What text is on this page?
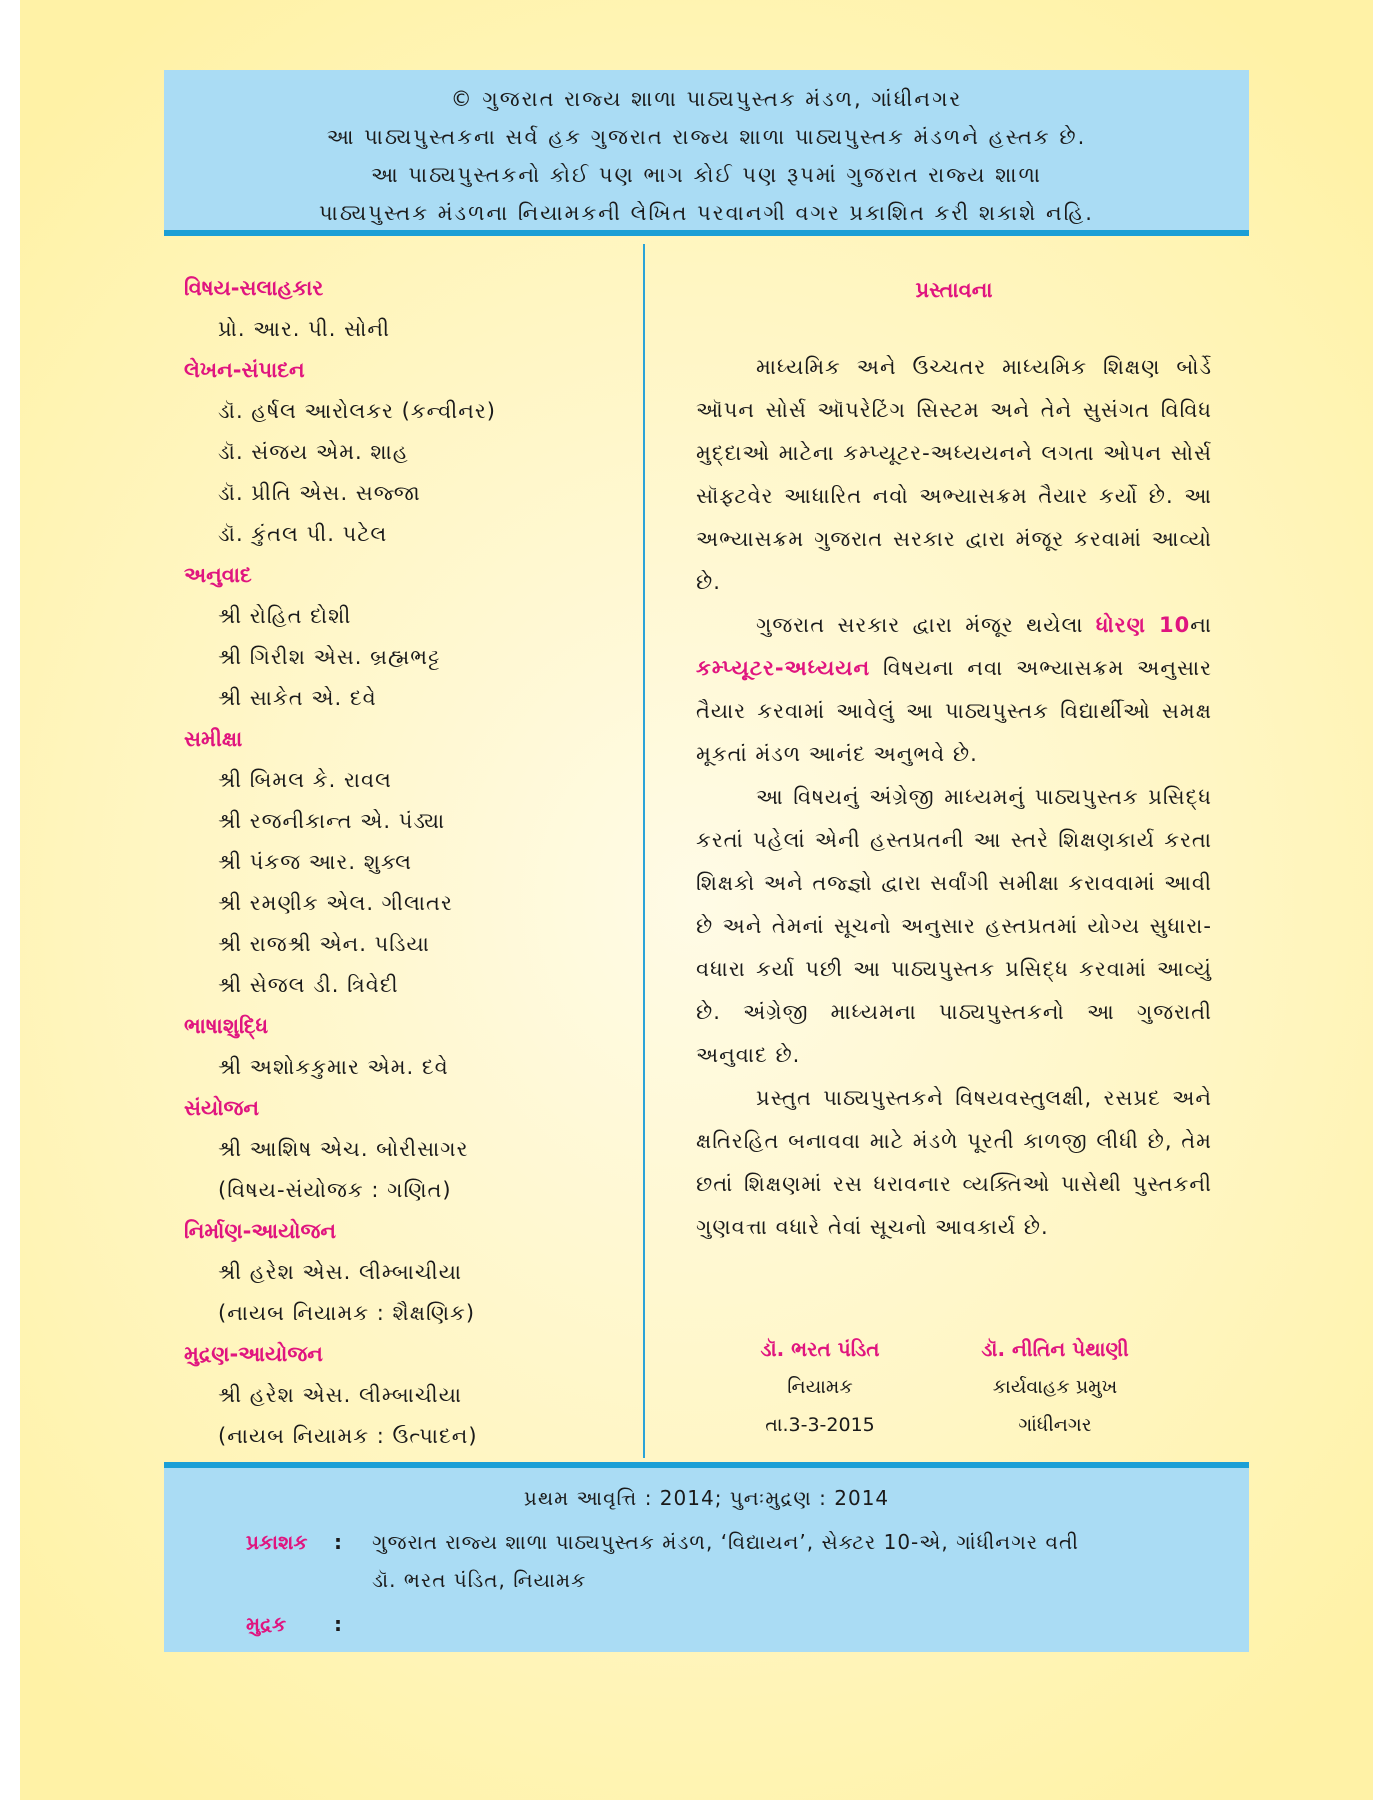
© ગુજરાત રાજ્ય શાળા પાઠ્યપુસ્તક મંડળ, ગાંધીનગર
આ પાઠ્યપુસ્તકના સર્વ હક ગુજરાત રાજ્ય શાળા પાઠ્યપુસ્તક મંડળને હસ્તક છે.
આ પાઠ્યપુસ્તકનો કોઈ પણ ભાગ કોઈ પણ રૂપમાં ગુજરાત રાજ્ય શાળા
પાઠ્યપુસ્તક મંડળના નિયામકની લેખિત પરવાનગી વગર પ્રકાશિત કરી શકાશે નહિ.
વિષય-સલાહકાર
પ્રો. આર. પી. સોની
લેખન-સંપાદન
ડૉ. હર્ષલ આરોલકર (કન્વીનર)
ડૉ. સંજય એમ. શાહ
ડૉ. પ્રીતિ એસ. સજ્જા
ડૉ. કુંતલ પી. પટેલ
અનુવાદ
શ્રી રોહિત દોશી
શ્રી ગિરીશ એસ. બ્રહ્મભટ્ટ
શ્રી સાકેત એ. દવે
સમીક્ષા
શ્રી બિમલ કે. રાવલ
શ્રી રજનીકાન્ત એ. પંડ્યા
શ્રી પંકજ આર. શુક્લ
શ્રી રમણીક એલ. ગીલાતર
શ્રી રાજશ્રી એન. પડિયા
શ્રી સેજલ ડી. ત્રિવેદી
ભાષાશુદ્ધિ
શ્રી અશોકકુમાર એમ. દવે
સંયોજન
શ્રી આશિષ એચ. બોરીસાગર
(વિષય-સંયોજક : ગણિત)
નિર્માણ-આયોજન
શ્રી હરેશ એસ. લીમ્બાચીયા
(નાયબ નિયામક : શૈક્ષણિક)
મુદ્રણ-આયોજન
શ્રી હરેશ એસ. લીમ્બાચીયા
(નાયબ નિયામક : ઉત્પાદન)
પ્રસ્તાવના

માધ્યમિક અને ઉચ્ચતર માધ્યમિક શિક્ષણ બોર્ડે ઑપન સોર્સ ઑપરેટિંગ સિસ્ટમ અને તેને સુસંગત વિવિધ મુદ્દાઓ માટેના કમ્પ્યૂટર-અધ્યયનને લગતા ઓપન સોર્સ સૉફ્ટવેર આધારિત નવો અભ્યાસક્રમ તૈયાર કર્યો છે. આ અભ્યાસક્રમ ગુજરાત સરકાર દ્વારા મંજૂર કરવામાં આવ્યો છે.

ગુજરાત સરકાર દ્વારા મંજૂર થયેલા ધોરણ 10ના કમ્પ્યૂટર-અધ્યયન વિષયના નવા અભ્યાસક્રમ અનુસાર તૈયાર કરવામાં આવેલું આ પાઠ્યપુસ્તક વિદ્યાર્થીઓ સમક્ષ મૂકતાં મંડળ આનંદ અનુભવે છે.

આ વિષયનું અંગ્રેજી માધ્યમનું પાઠ્યપુસ્તક પ્રસિદ્ધ કરતાં પહેલાં એની હસ્તપ્રતની આ સ્તરે શિક્ષણકાર્ય કરતા શિક્ષકો અને તજ્જ્ઞો દ્વારા સર્વાંગી સમીક્ષા કરાવવામાં આવી છે અને તેમનાં સૂચનો અનુસાર હસ્તપ્રતમાં યોગ્ય સુધારા-વધારા કર્યા પછી આ પાઠ્યપુસ્તક પ્રસિદ્ધ કરવામાં આવ્યું છે. અંગ્રેજી માધ્યમના પાઠ્યપુસ્તકનો આ ગુજરાતી અનુવાદ છે.

પ્રસ્તુત પાઠ્યપુસ્તકને વિષયવસ્તુલક્ષી, રસપ્રદ અને ક્ષતિરહિત બનાવવા માટે મંડળે પૂરતી કાળજી લીધી છે, તેમ છતાં શિક્ષણમાં રસ ધરાવનાર વ્યક્તિઓ પાસેથી પુસ્તકની ગુણવત્તા વધારે તેવાં સૂચનો આવકાર્ય છે.

ડૉ. ભરત પંડિત
નિયામક
તા.3-3-2015
ડૉ. નીતિન પેથાણી
કાર્યવાહક પ્રમુખ
ગાંધીનગર
પ્રથમ આવૃત્તિ : 2014; પુનઃમુદ્રણ : 2014
પ્રકાશક : ગુજરાત રાજ્ય શાળા પાઠ્યપુસ્તક મંડળ, ‘વિદ્યાયન’, સેક્ટર 10-એ, ગાંધીનગર વતી
ડૉ. ભરત પંડિત, નિયામક
મુદ્રક :
